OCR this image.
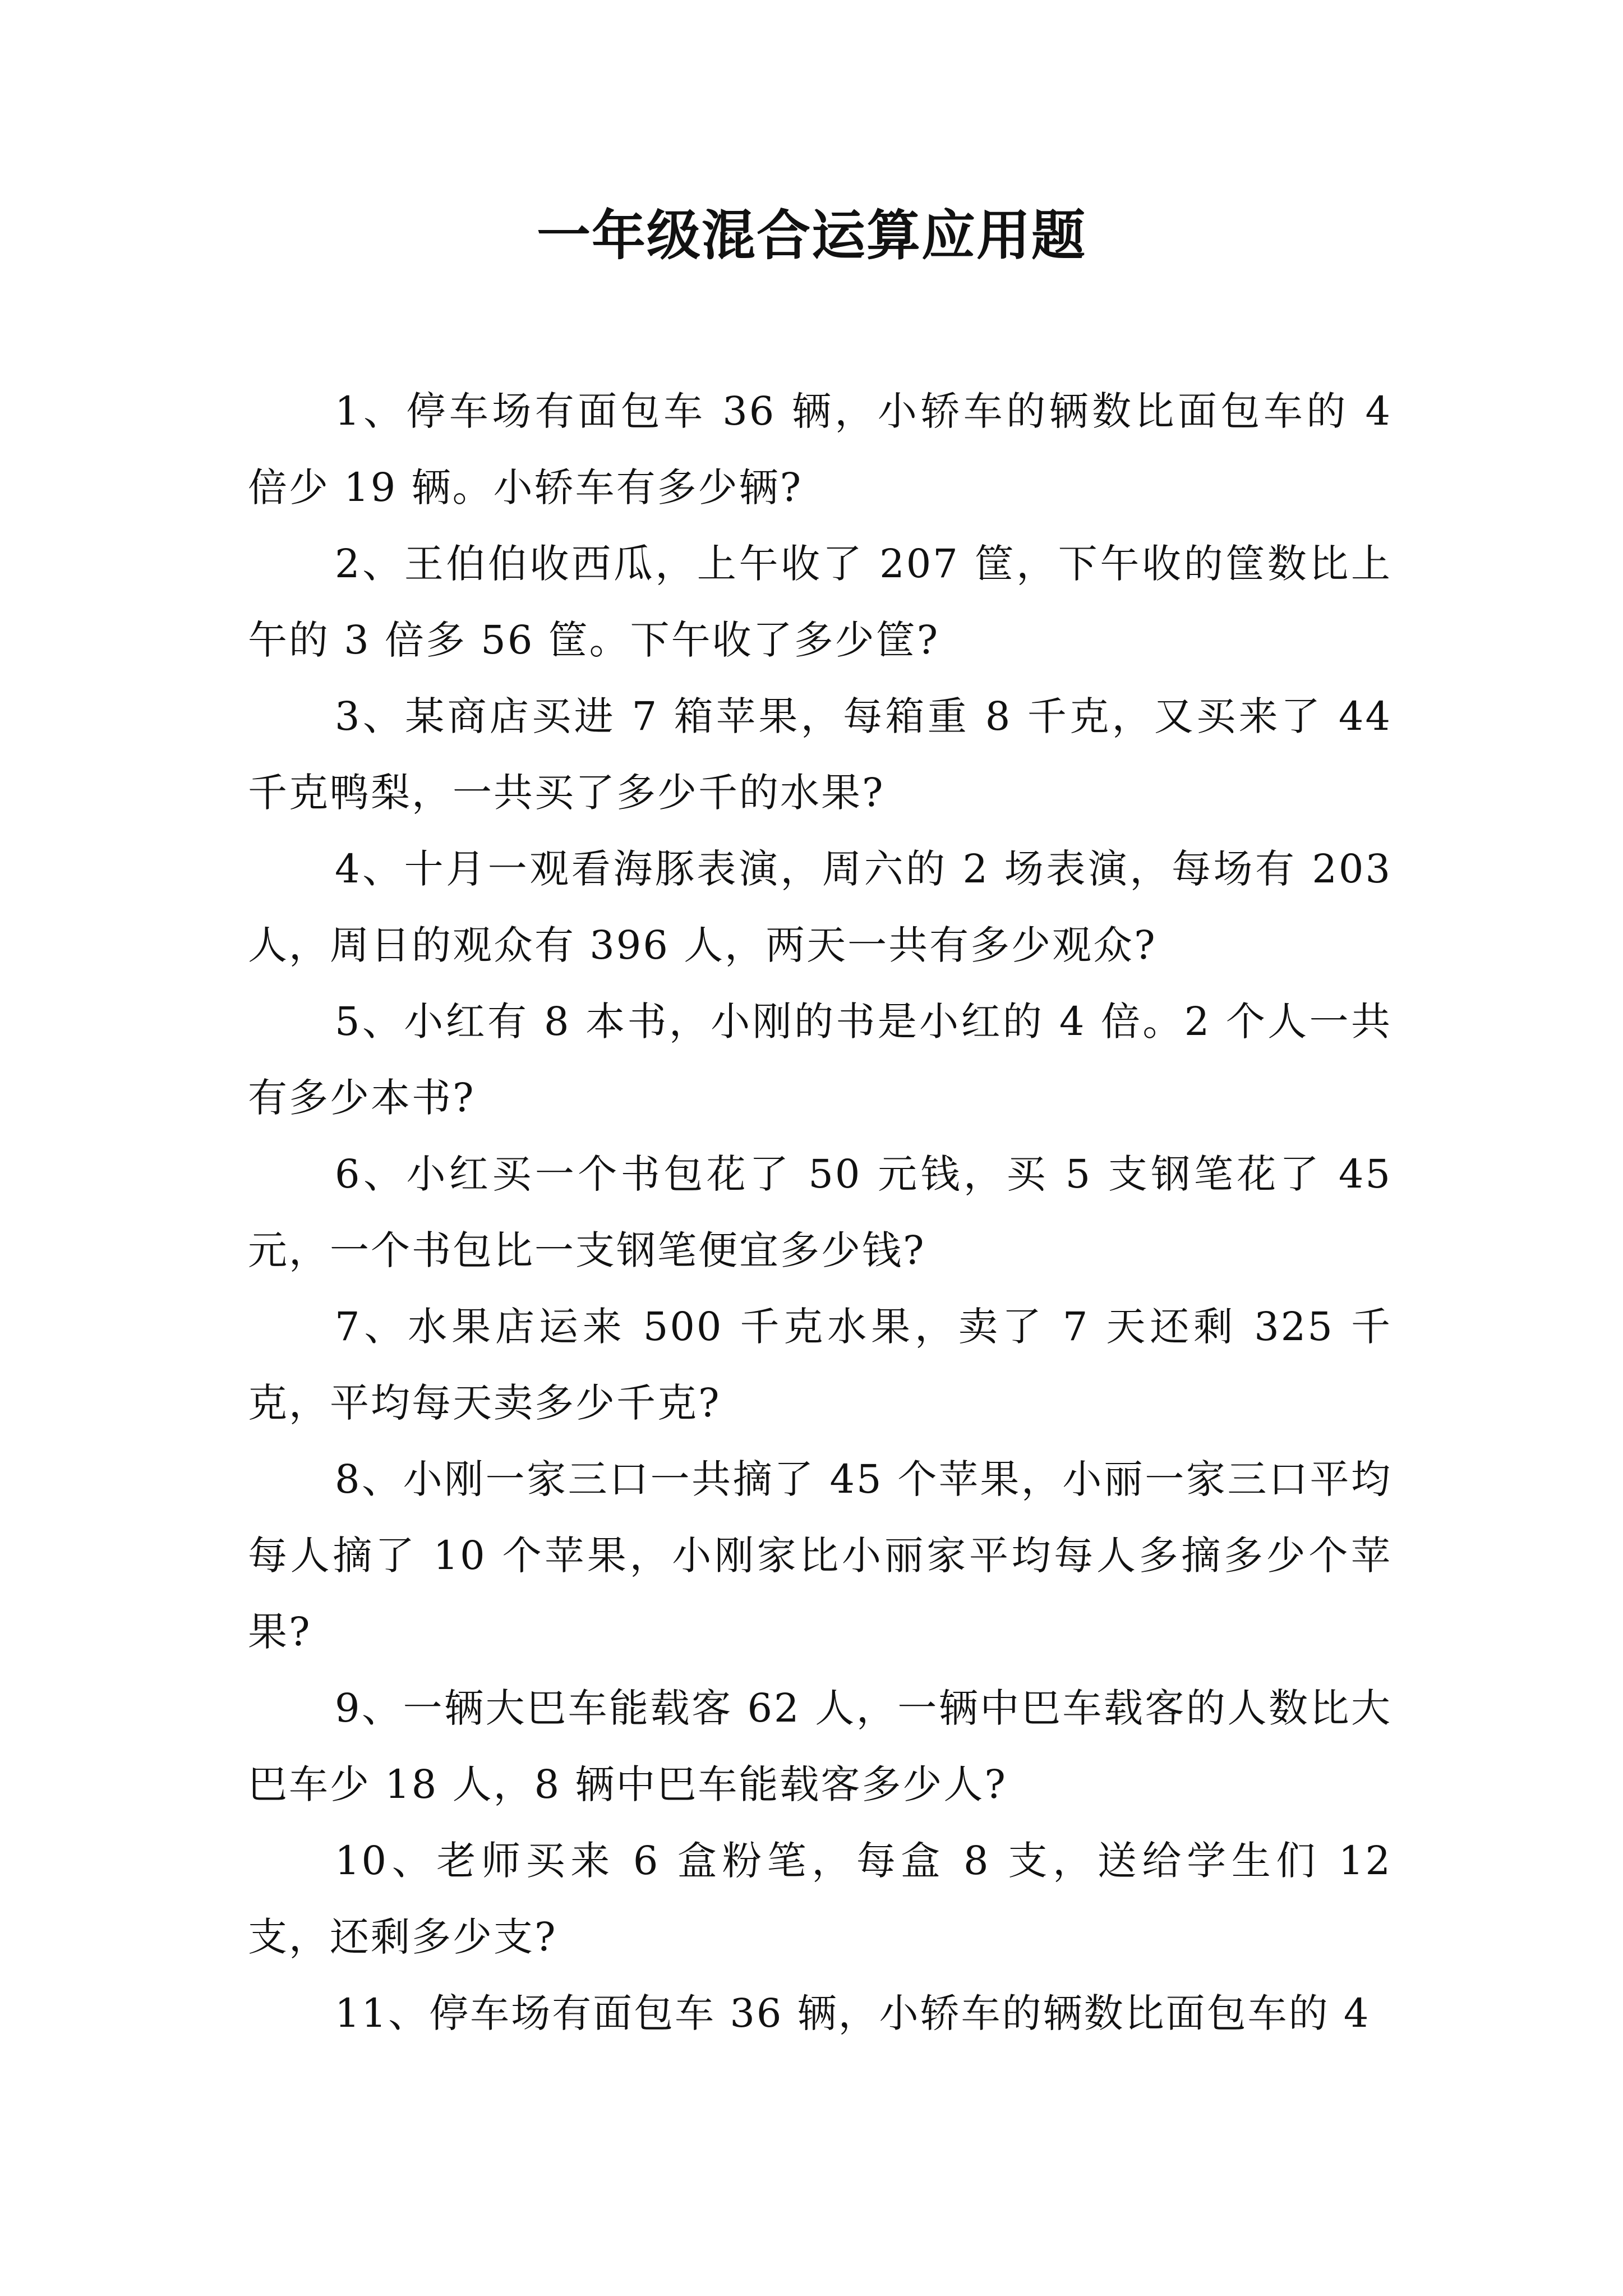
一年级混合运算应用题
1、停车场有面包车 36 辆，小轿车的辆数比面包车的 4 倍少 19 辆。小轿车有多少辆?
2、王伯伯收西瓜，上午收了 207 筐，下午收的筐数比上午的 3 倍多 56 筐。下午收了多少筐?
3、某商店买进 7 箱苹果，每箱重 8 千克，又买来了 44 千克鸭梨，一共买了多少千的水果?
4、十月一观看海豚表演，周六的 2 场表演，每场有 203 人，周日的观众有 396 人，两天一共有多少观众?
5、小红有 8 本书，小刚的书是小红的 4 倍。2 个人一共有多少本书?
6、小红买一个书包花了 50 元钱，买 5 支钢笔花了 45 元，一个书包比一支钢笔便宜多少钱?
7、水果店运来 500 千克水果，卖了 7 天还剩 325 千克，平均每天卖多少千克?
8、小刚一家三口一共摘了 45 个苹果，小丽一家三口平均每人摘了 10 个苹果，小刚家比小丽家平均每人多摘多少个苹果?
9、一辆大巴车能载客 62 人，一辆中巴车载客的人数比大巴车少 18 人，8 辆中巴车能载客多少人?
10、老师买来 6 盒粉笔，每盒 8 支，送给学生们 12 支，还剩多少支?
11、停车场有面包车 36 辆，小轿车的辆数比面包车的 4
